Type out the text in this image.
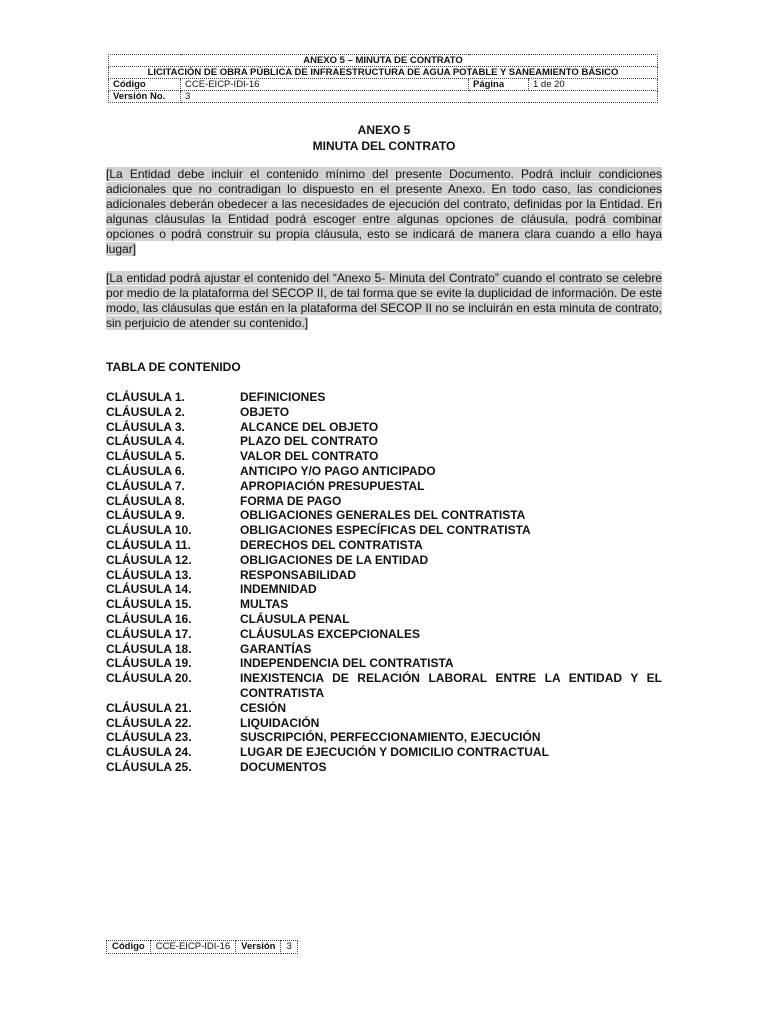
ANEXO 5 – MINUTA DE CONTRATO			
LICITACIÓN DE OBRA PÚBLICA DE INFRAESTRUCTURA DE AGUA POTABLE Y SANEAMIENTO BÁSICO			
Código	CCE-EICP-IDI-16	Página	1 de 20
Versión No.	3		
ANEXO 5
MINUTA DEL CONTRATO

[La Entidad debe incluir el contenido mínimo del presente Documento. Podrá incluir condiciones adicionales que no contradigan lo dispuesto en el presente Anexo. En todo caso, las condiciones adicionales deberán obedecer a las necesidades de ejecución del contrato, definidas por la Entidad. En algunas cláusulas la Entidad podrá escoger entre algunas opciones de cláusula, podrá combinar opciones o podrá construir su propia cláusula, esto se indicará de manera clara cuando a ello haya lugar]

[La entidad podrá ajustar el contenido del “Anexo 5- Minuta del Contrato” cuando el contrato se celebre por medio de la plataforma del SECOP II, de tal forma que se evite la duplicidad de información. De este modo, las cláusulas que están en la plataforma del SECOP II no se incluirán en esta minuta de contrato, sin perjuicio de atender su contenido.]

TABLA DE CONTENIDO
CLÁUSULA 1.	DEFINICIONES
CLÁUSULA 2.	OBJETO
CLÁUSULA 3.	ALCANCE DEL OBJETO
CLÁUSULA 4.	PLAZO DEL CONTRATO
CLÁUSULA 5.	VALOR DEL CONTRATO
CLÁUSULA 6.	ANTICIPO Y/O PAGO ANTICIPADO
CLÁUSULA 7.	APROPIACIÓN PRESUPUESTAL
CLÁUSULA 8.	FORMA DE PAGO
CLÁUSULA 9.	OBLIGACIONES GENERALES DEL CONTRATISTA
CLÁUSULA 10.	OBLIGACIONES ESPECÍFICAS DEL CONTRATISTA
CLÁUSULA 11.	DERECHOS DEL CONTRATISTA
CLÁUSULA 12.	OBLIGACIONES DE LA ENTIDAD
CLÁUSULA 13.	RESPONSABILIDAD
CLÁUSULA 14.	INDEMNIDAD
CLÁUSULA 15.	MULTAS
CLÁUSULA 16.	CLÁUSULA PENAL
CLÁUSULA 17.	CLÁUSULAS EXCEPCIONALES
CLÁUSULA 18.	GARANTÍAS
CLÁUSULA 19.	INDEPENDENCIA DEL CONTRATISTA
CLÁUSULA 20.	INEXISTENCIA DE RELACIÓN LABORAL ENTRE LA ENTIDAD Y EL CONTRATISTA
CLÁUSULA 21.	CESIÓN
CLÁUSULA 22.	LIQUIDACIÓN
CLÁUSULA 23.	SUSCRIPCIÓN, PERFECCIONAMIENTO, EJECUCIÓN
CLÁUSULA 24.	LUGAR DE EJECUCIÓN Y DOMICILIO CONTRACTUAL
CLÁUSULA 25.	DOCUMENTOS
Código	CCE-EICP-IDI-16	Versión	3
